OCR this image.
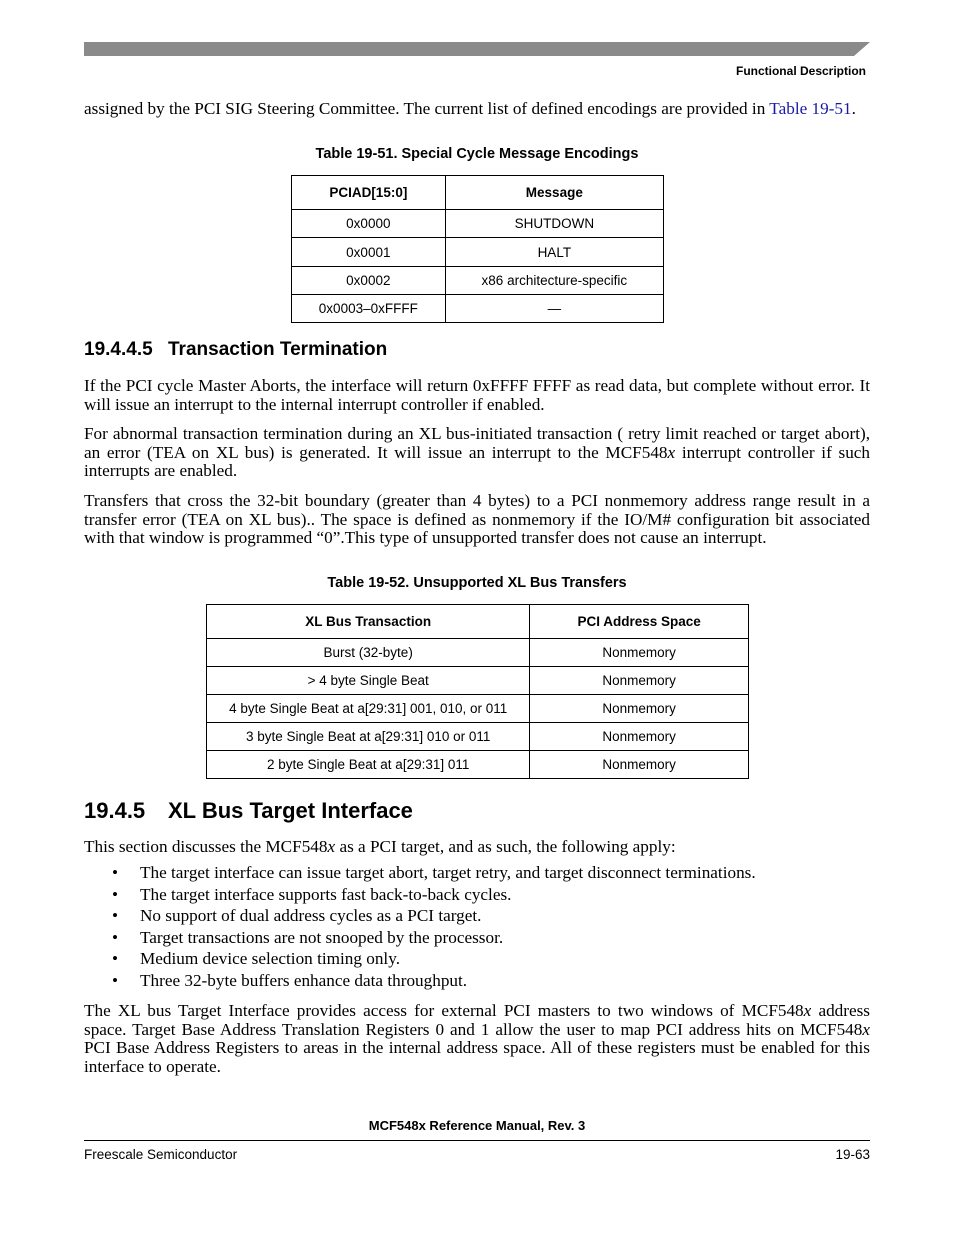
Functional Description

assigned by the PCI SIG Steering Committee. The current list of defined encodings are provided in Table 19-51.

Table 19-51. Special Cycle Message Encodings
PCIAD[15:0]	Message
0x0000	SHUTDOWN
0x0001	HALT
0x0002	x86 architecture-specific
0x0003–0xFFFF	—
19.4.4.5 Transaction Termination

If the PCI cycle Master Aborts, the interface will return 0xFFFF FFFF as read data, but complete without error. It will issue an interrupt to the internal interrupt controller if enabled.

For abnormal transaction termination during an XL bus-initiated transaction ( retry limit reached or target abort), an error (TEA on XL bus) is generated. It will issue an interrupt to the MCF548x interrupt controller if such interrupts are enabled.

Transfers that cross the 32-bit boundary (greater than 4 bytes) to a PCI nonmemory address range result in a transfer error (TEA on XL bus).. The space is defined as nonmemory if the IO/M# configuration bit associated with that window is programmed “0”.This type of unsupported transfer does not cause an interrupt.

Table 19-52. Unsupported XL Bus Transfers
XL Bus Transaction	PCI Address Space
Burst (32-byte)	Nonmemory
> 4 byte Single Beat	Nonmemory
4 byte Single Beat at a[29:31] 001, 010, or 011	Nonmemory
3 byte Single Beat at a[29:31] 010 or 011	Nonmemory
2 byte Single Beat at a[29:31] 011	Nonmemory
19.4.5 XL Bus Target Interface

This section discusses the MCF548x as a PCI target, and as such, the following apply:

• The target interface can issue target abort, target retry, and target disconnect terminations.
• The target interface supports fast back-to-back cycles.
• No support of dual address cycles as a PCI target.
• Target transactions are not snooped by the processor.
• Medium device selection timing only.
• Three 32-byte buffers enhance data throughput.

The XL bus Target Interface provides access for external PCI masters to two windows of MCF548x address space. Target Base Address Translation Registers 0 and 1 allow the user to map PCI address hits on MCF548x PCI Base Address Registers to areas in the internal address space. All of these registers must be enabled for this interface to operate.

MCF548x Reference Manual, Rev. 3
Freescale Semiconductor	19-63
